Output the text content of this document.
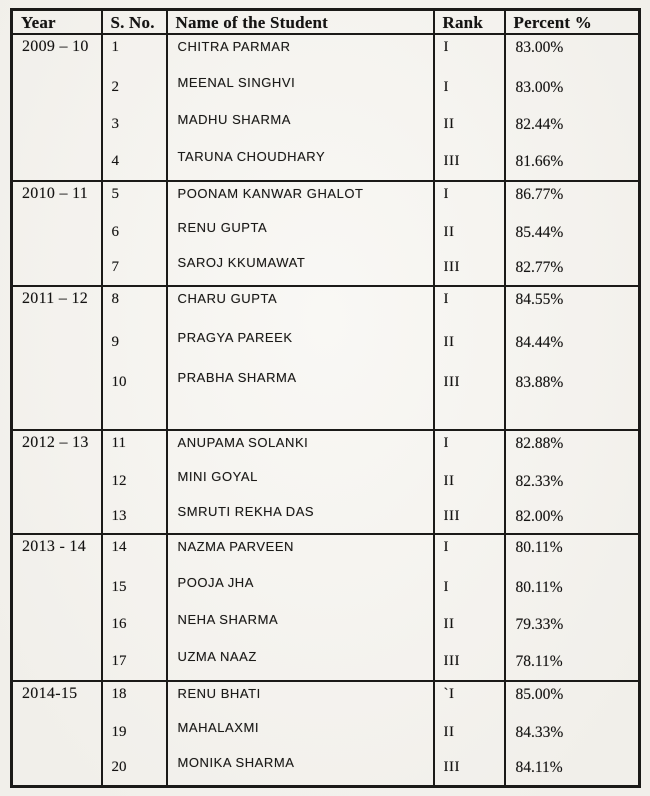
Year	S. No.	Name of the Student	Rank	Percent %
2009 – 10	1	CHITRA PARMAR	I	83.00%
	2	MEENAL SINGHVI	I	83.00%
	3	MADHU SHARMA	II	82.44%
	4	TARUNA CHOUDHARY	III	81.66%
2010 – 11	5	POONAM KANWAR GHALOT	I	86.77%
	6	RENU GUPTA	II	85.44%
	7	SAROJ KKUMAWAT	III	82.77%
2011 – 12	8	CHARU GUPTA	I	84.55%
	9	PRAGYA PAREEK	II	84.44%
	10	PRABHA SHARMA	III	83.88%
2012 – 13	11	ANUPAMA SOLANKI	I	82.88%
	12	MINI GOYAL	II	82.33%
	13	SMRUTI REKHA DAS	III	82.00%
2013 - 14	14	NAZMA PARVEEN	I	80.11%
	15	POOJA JHA	I	80.11%
	16	NEHA SHARMA	II	79.33%
	17	UZMA NAAZ	III	78.11%
2014-15	18	RENU BHATI	`I	85.00%
	19	MAHALAXMI	II	84.33%
	20	MONIKA SHARMA	III	84.11%
